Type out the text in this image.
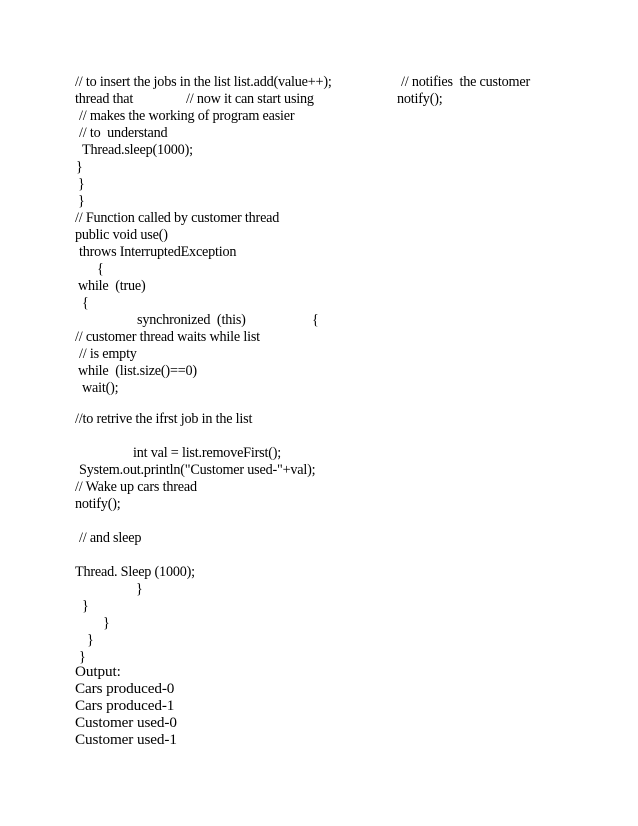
// to insert the jobs in the list list.add(value++);	// notifies  the customer
thread that	// now it can start using	notify();
// makes the working of program easier
// to  understand
Thread.sleep(1000);
}
}
}
// Function called by customer thread
public void use()
throws InterruptedException
{
while  (true)
{
synchronized  (this)	{
// customer thread waits while list
// is empty
while  (list.size()==0)
wait();
//to retrive the ifrst job in the list
int val = list.removeFirst();
System.out.println("Customer used-"+val);
// Wake up cars thread
notify();
// and sleep
Thread. Sleep (1000);
}
}
}
}
}
Output:
Cars produced-0
Cars produced-1
Customer used-0
Customer used-1
